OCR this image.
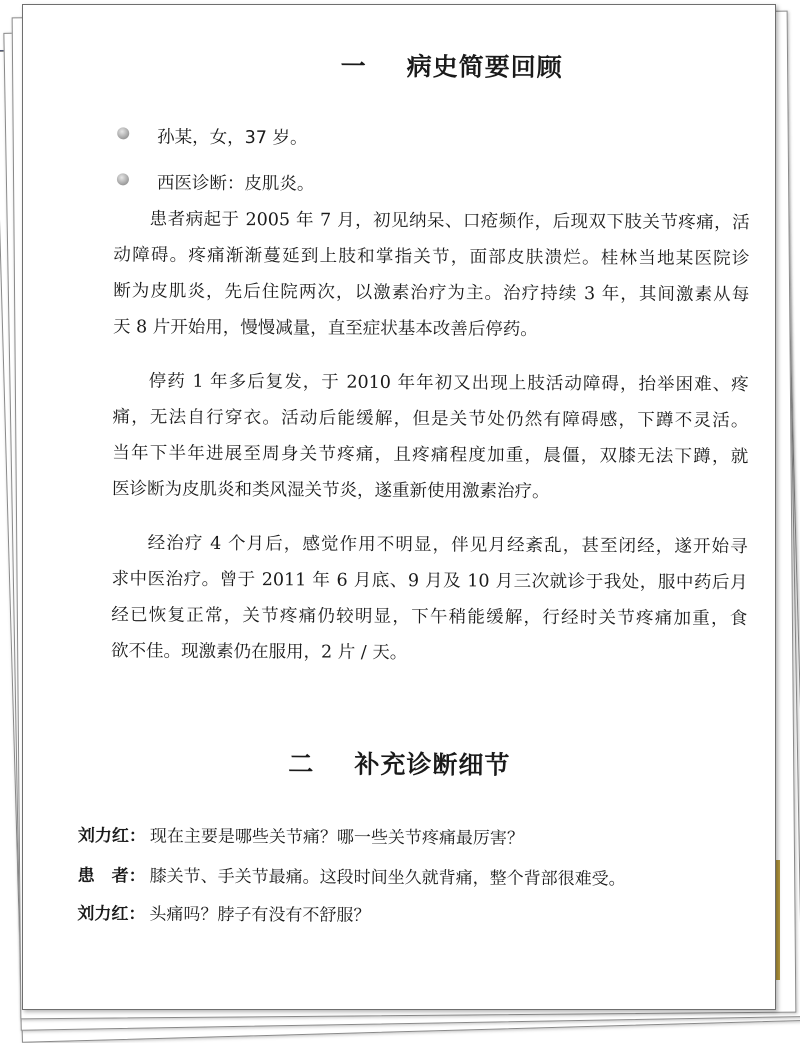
一 病史简要回顾
孙某，女，37 岁。
西医诊断：皮肌炎。
患者病起于 2005 年 7 月，初见纳呆、口疮频作，后现双下肢关节疼痛，活
动障碍。疼痛渐渐蔓延到上肢和掌指关节，面部皮肤溃烂。桂林当地某医院诊
断为皮肌炎，先后住院两次，以激素治疗为主。治疗持续 3 年，其间激素从每
天 8 片开始用，慢慢减量，直至症状基本改善后停药。
停药 1 年多后复发，于 2010 年年初又出现上肢活动障碍，抬举困难、疼
痛，无法自行穿衣。活动后能缓解，但是关节处仍然有障碍感，下蹲不灵活。
当年下半年进展至周身关节疼痛，且疼痛程度加重，晨僵，双膝无法下蹲，就
医诊断为皮肌炎和类风湿关节炎，遂重新使用激素治疗。
经治疗 4 个月后，感觉作用不明显，伴见月经紊乱，甚至闭经，遂开始寻
求中医治疗。曾于 2011 年 6 月底、9 月及 10 月三次就诊于我处，服中药后月
经已恢复正常，关节疼痛仍较明显，下午稍能缓解，行经时关节疼痛加重，食
欲不佳。现激素仍在服用，2 片 / 天。
二 补充诊断细节
刘力红： 现在主要是哪些关节痛？哪一些关节疼痛最厉害？
患　者： 膝关节、手关节最痛。这段时间坐久就背痛，整个背部很难受。
刘力红： 头痛吗？脖子有没有不舒服？
